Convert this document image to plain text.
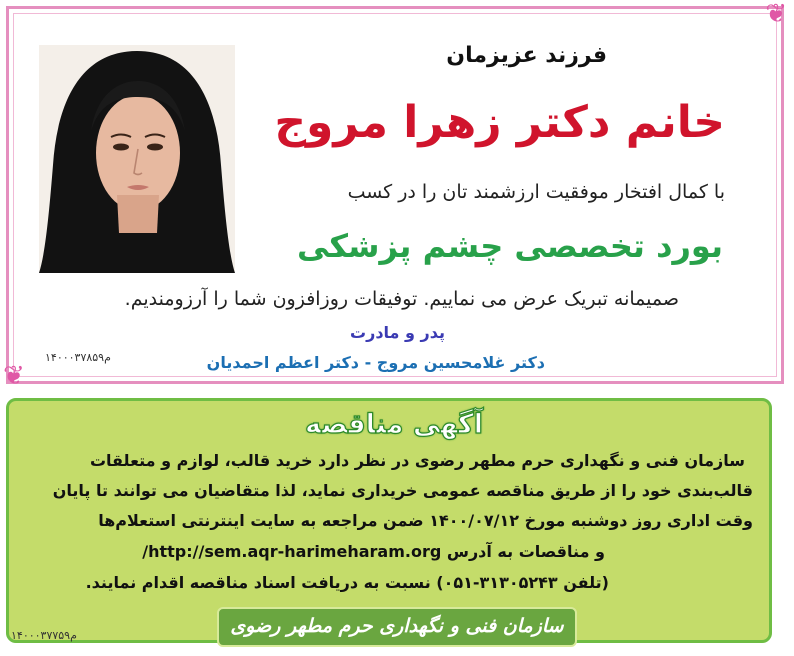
❦
❦
فرزند عزیزمان
خانم دکتر زهرا مروج
با کمال افتخار موفقیت ارزشمند تان را در کسب
بورد تخصصی چشم پزشکی
صمیمانه تبریک عرض می نماییم. توفیقات روزافزون شما را آرزومندیم.
پدر و مادرت
دکتر غلامحسین مروج - دکتر اعظم احمدیان
م۱۴۰۰۰۳۷۸۵۹
آگهی مناقصه
سازمان فنی و نگهداری حرم مطهر رضوی در نظر دارد خرید قالب، لوازم و متعلقات
قالب‌بندی خود را از طریق مناقصه عمومی خریداری نماید، لذا متقاضیان می توانند تا پایان
وقت اداری روز دوشنبه مورخ ۱۴۰۰/۰۷/۱۲ ضمن مراجعه به سایت اینترنتی استعلام‌ها
و مناقصات به آدرس http://sem.aqr-harimeharam.org/
(تلفن ۳۱۳۰۵۲۴۳-۰۵۱) نسبت به دریافت اسناد مناقصه اقدام نمایند.
سازمان فنی و نگهداری حرم مطهر رضوی
م۱۴۰۰۰۳۷۷۵۹
